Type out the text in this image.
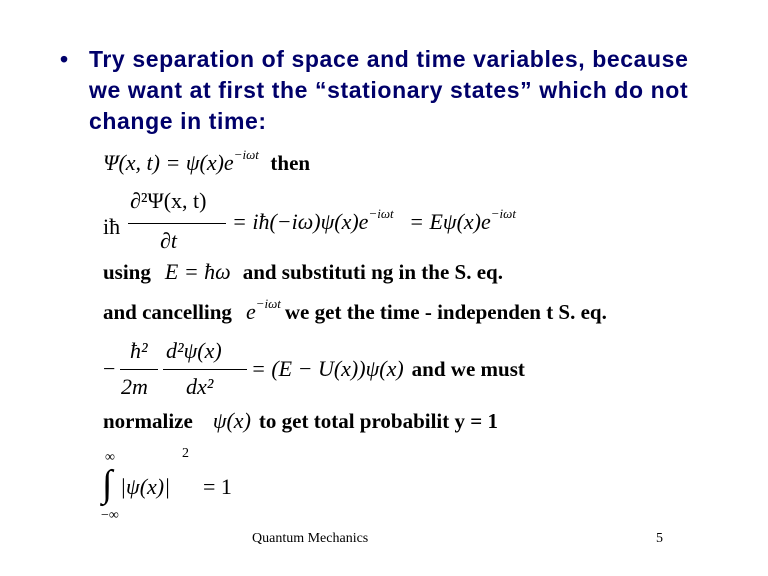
• Try separation of space and time variables, because we want at first the “stationary states” which do not change in time:
Ψ(x, $t) = \psi(x)e^{-i\omega t}$ then
iħ
∂²Ψ(x, t)
∂t
= $iħ(-i\omega)\psi(x)e^{-i\omega t} = E\psi(x)e^{-i\omega t}$
using E = ħω and substituti ng in the S. eq.
and cancelling $e^{-i\omega t}$ we get the time - independen t S. eq.
−
ħ²
2m
d²ψ(x)
dx²
= (E − U(x))ψ(x) and we must
normalize ψ(x) to get total probabilit y = 1
∞
∫
−∞
|ψ(x)|
2
= 1
Quantum Mechanics	5
